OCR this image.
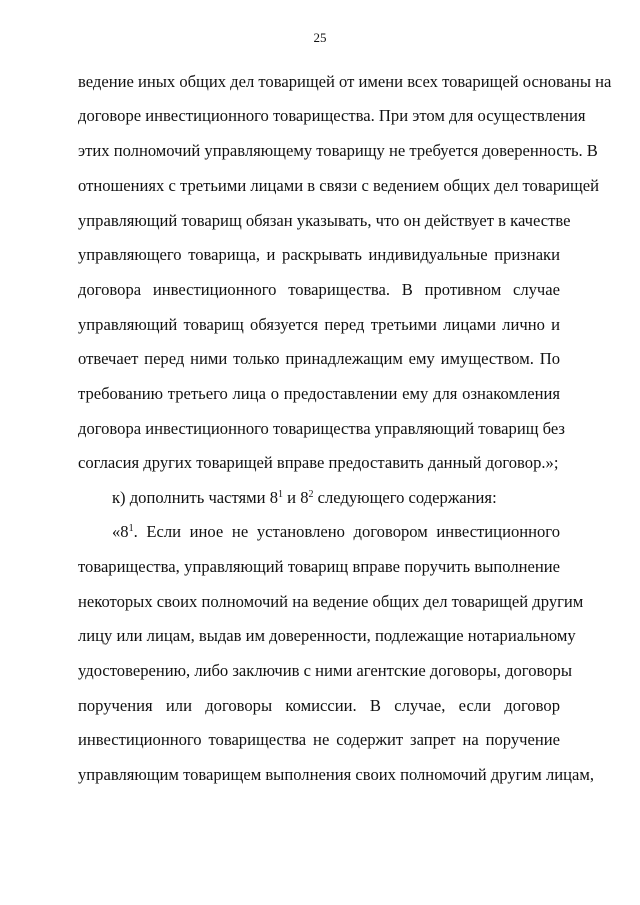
25
ведение иных общих дел товарищей от имени всех товарищей основаны на
договоре инвестиционного товарищества. При этом для осуществления
этих полномочий управляющему товарищу не требуется доверенность. В
отношениях с третьими лицами в связи с ведением общих дел товарищей
управляющий товарищ обязан указывать, что он действует в качестве
управляющего товарища, и раскрывать индивидуальные признаки
договора инвестиционного товарищества. В противном случае
управляющий товарищ обязуется перед третьими лицами лично и
отвечает перед ними только принадлежащим ему имуществом. По
требованию третьего лица о предоставлении ему для ознакомления
договора инвестиционного товарищества управляющий товарищ без
согласия других товарищей вправе предоставить данный договор.»;
к) дополнить частями $8^1$ и $8^2$ следующего содержания:
«$8^1$. Если иное не установлено договором инвестиционного
товарищества, управляющий товарищ вправе поручить выполнение
некоторых своих полномочий на ведение общих дел товарищей другим
лицу или лицам, выдав им доверенности, подлежащие нотариальному
удостоверению, либо заключив с ними агентские договоры, договоры
поручения или договоры комиссии. В случае, если договор
инвестиционного товарищества не содержит запрет на поручение
управляющим товарищем выполнения своих полномочий другим лицам,
